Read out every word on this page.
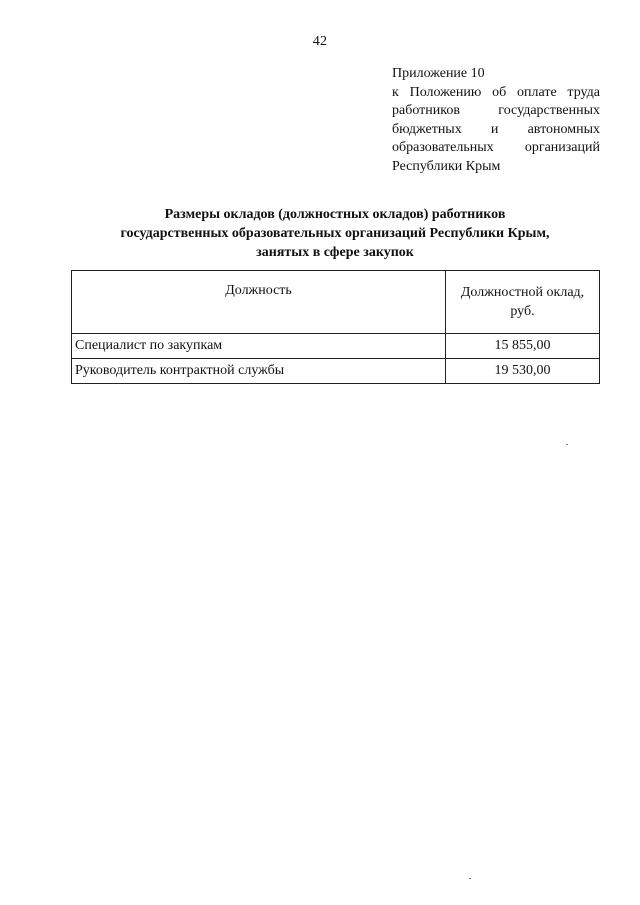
42
Приложение 10
к Положению об оплате труда
работников государственных
бюджетных и автономных
образовательных организаций
Республики Крым
Размеры окладов (должностных окладов) работников
государственных образовательных организаций Республики Крым,
занятых в сфере закупок
Должность	Должностной оклад,
руб.
Специалист по закупкам	15 855,00
Руководитель контрактной службы	19 530,00
